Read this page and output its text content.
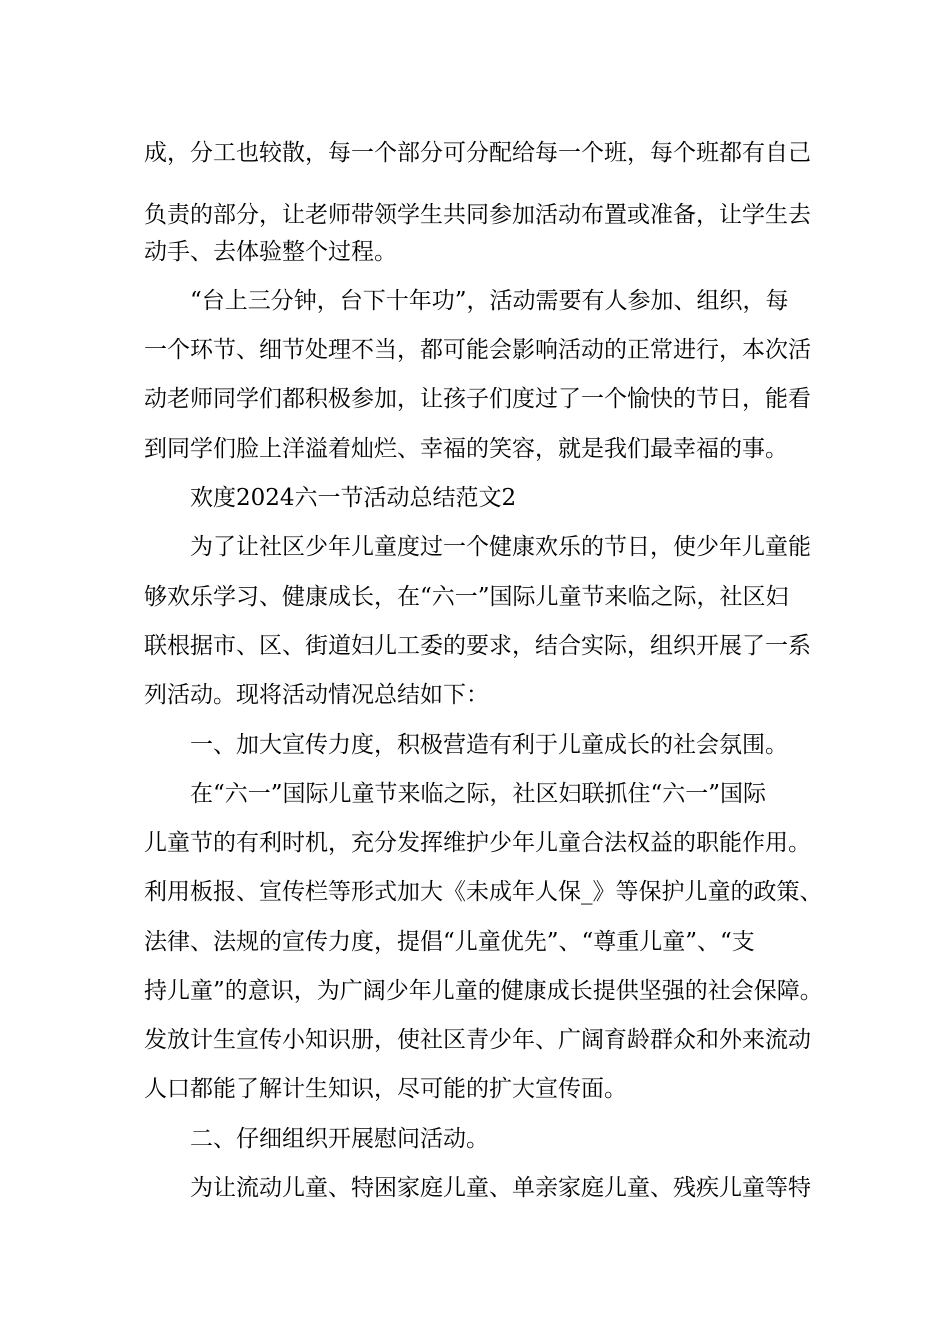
成，分工也较散，每一个部分可分配给每一个班，每个班都有自己
负责的部分，让老师带领学生共同参加活动布置或准备，让学生去
动手、去体验整个过程。
“台上三分钟，台下十年功”，活动需要有人参加、组织，每
一个环节、细节处理不当，都可能会影响活动的正常进行，本次活
动老师同学们都积极参加，让孩子们度过了一个愉快的节日，能看
到同学们脸上洋溢着灿烂、幸福的笑容，就是我们最幸福的事。
欢度2024六一节活动总结范文2
为了让社区少年儿童度过一个健康欢乐的节日，使少年儿童能
够欢乐学习、健康成长，在“六一”国际儿童节来临之际，社区妇
联根据市、区、街道妇儿工委的要求，结合实际，组织开展了一系
列活动。现将活动情况总结如下：
一、加大宣传力度，积极营造有利于儿童成长的社会氛围。
在“六一”国际儿童节来临之际，社区妇联抓住“六一”国际
儿童节的有利时机，充分发挥维护少年儿童合法权益的职能作用。
利用板报、宣传栏等形式加大《未成年人保_》等保护儿童的政策、
法律、法规的宣传力度，提倡“儿童优先”、“尊重儿童”、“支
持儿童”的意识，为广阔少年儿童的健康成长提供坚强的社会保障。
发放计生宣传小知识册，使社区青少年、广阔育龄群众和外来流动
人口都能了解计生知识，尽可能的扩大宣传面。
二、仔细组织开展慰问活动。
为让流动儿童、特困家庭儿童、单亲家庭儿童、残疾儿童等特
